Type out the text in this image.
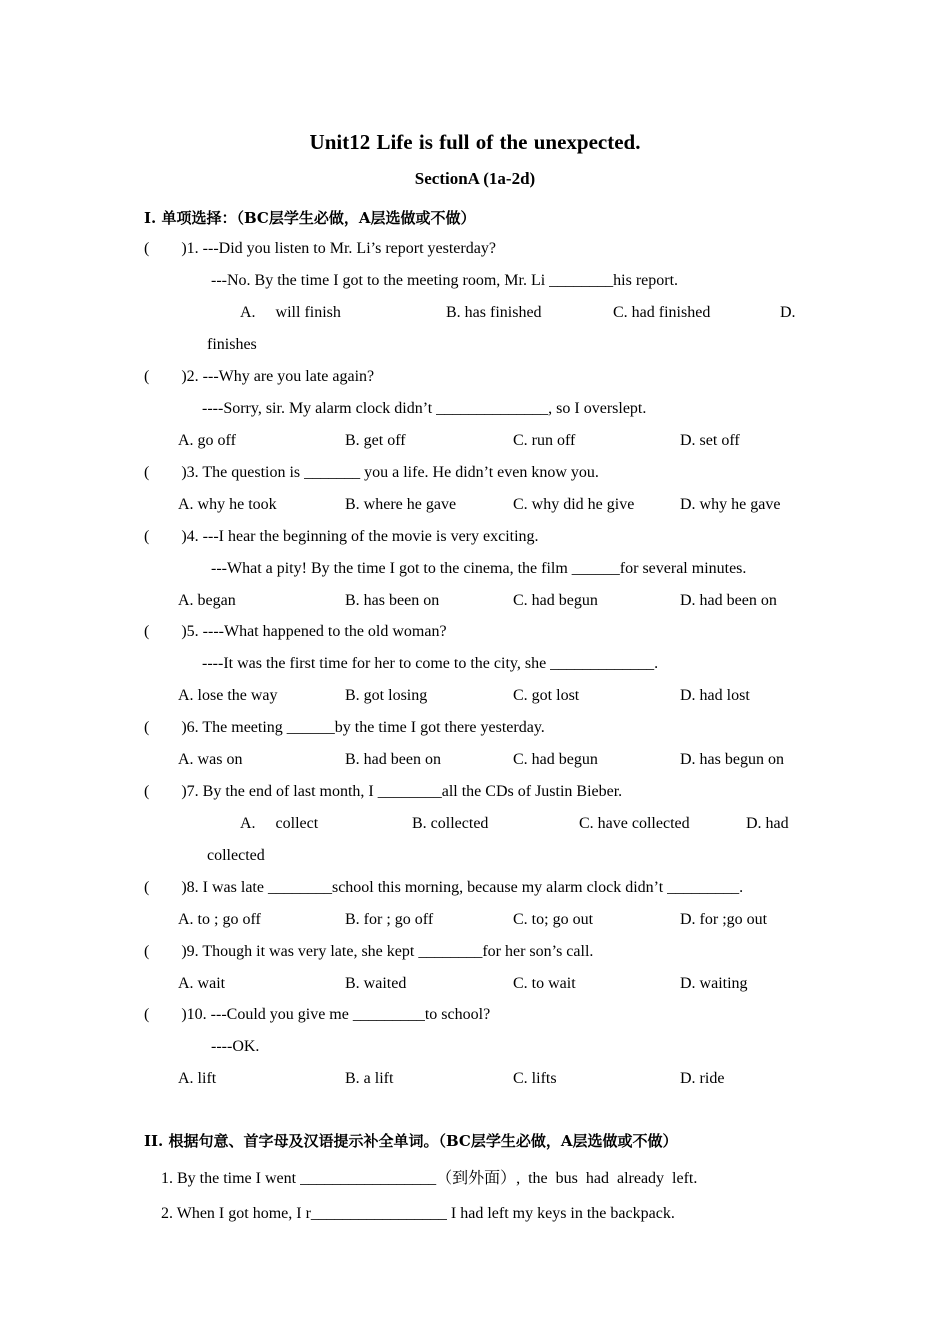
Unit12 Life is full of the unexpected.
SectionA (1a-2d)
I. 单项选择：（BC层学生必做，A层选做或不做）
(        )1. ---Did you listen to Mr. Li’s report yesterday?
---No. By the time I got to the meeting room, Mr. Li ________his report.
A.     will finish	B. has finished	C. had finished	D.
finishes
(        )2. ---Why are you late again?
----Sorry, sir. My alarm clock didn’t ______________, so I overslept.
A. go off	B. get off	C. run off	D. set off
(        )3. The question is _______ you a life. He didn’t even know you.
A. why he took	B. where he gave	C. why did he give	D. why he gave
(        )4. ---I hear the beginning of the movie is very exciting.
---What a pity! By the time I got to the cinema, the film ______for several minutes.
A. began	B. has been on	C. had begun	D. had been on
(        )5. ----What happened to the old woman?
----It was the first time for her to come to the city, she _____________.
A. lose the way	B. got losing	C. got lost	D. had lost
(        )6. The meeting ______by the time I got there yesterday.
A. was on	B. had been on	C. had begun	D. has begun on
(        )7. By the end of last month, I ________all the CDs of Justin Bieber.
A.     collect	B. collected	C. have collected	D. had
collected
(        )8. I was late ________school this morning, because my alarm clock didn’t _________.
A. to ; go off	B. for ; go off	C. to; go out	D. for ;go out
(        )9. Though it was very late, she kept ________for her son’s call.
A. wait	B. waited	C. to wait	D. waiting
(        )10. ---Could you give me _________to school?
----OK.
A. lift	B. a lift	C. lifts	D. ride
II. 根据句意、首字母及汉语提示补全单词。（BC层学生必做，A层选做或不做）
1. By the time I went _________________（到外面）,  the  bus  had  already  left.
2. When I got home, I r_________________ I had left my keys in the backpack.
